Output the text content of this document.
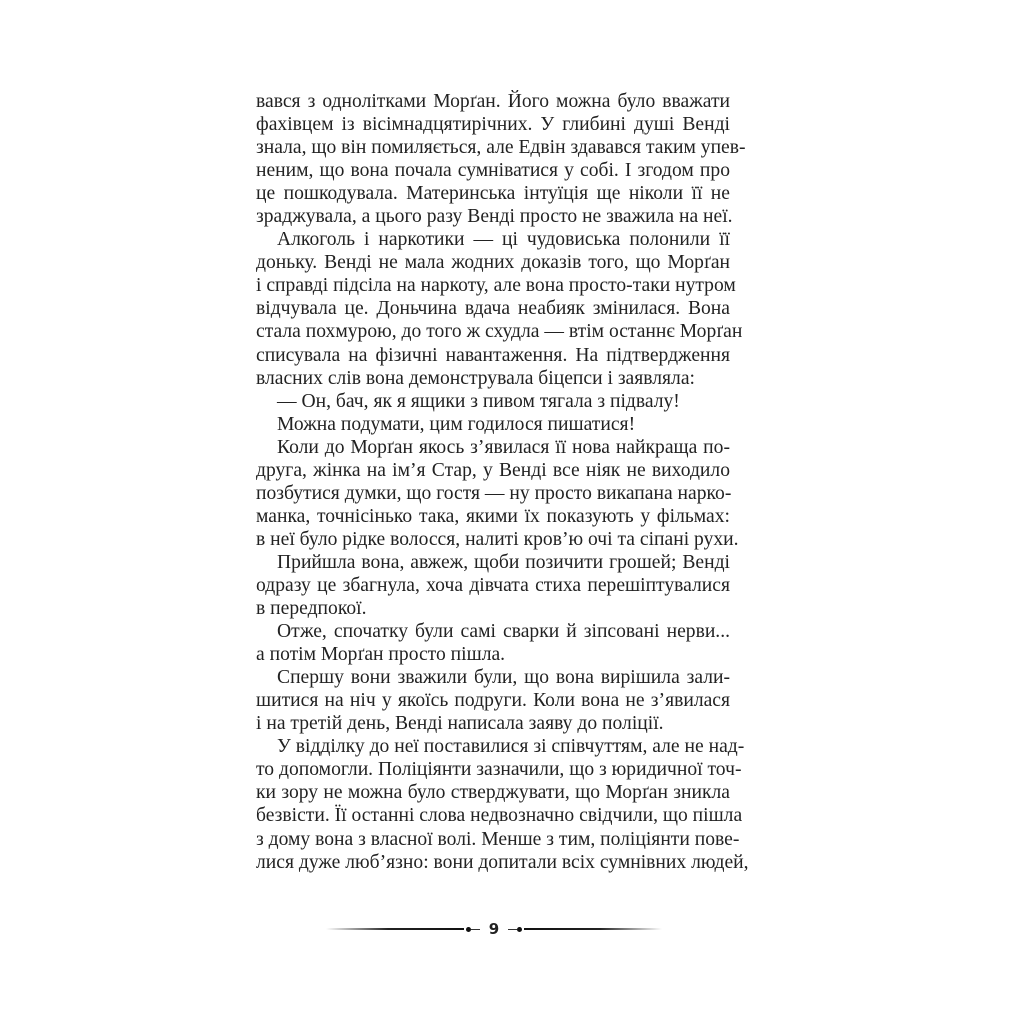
вався з однолітками Морґан. Його можна було вважати
фахівцем із вісімнадцятирічних. У глибині душі Венді
знала, що він помиляється, але Едвін здавався таким упев-
неним, що вона почала сумніватися у собі. І згодом про
це пошкодувала. Материнська інтуїція ще ніколи її не
зраджувала, а цього разу Венді просто не зважила на неї.
Алкоголь і наркотики — ці чудовиська полонили її
доньку. Венді не мала жодних доказів того, що Морґан
і справді підсіла на наркоту, але вона просто-таки нутром
відчувала це. Доньчина вдача неабияк змінилася. Вона
стала похмурою, до того ж схудла — втім останнє Морґан
списувала на фізичні навантаження. На підтвердження
власних слів вона демонструвала біцепси і заявляла:
— Он, бач, як я ящики з пивом тягала з підвалу!
Можна подумати, цим годилося пишатися!
Коли до Морґан якось з’явилася її нова найкраща по-
друга, жінка на ім’я Стар, у Венді все ніяк не виходило
позбутися думки, що гостя — ну просто викапана нарко-
манка, точнісінько така, якими їх показують у фільмах:
в неї було рідке волосся, налиті кров’ю очі та сіпані рухи.
Прийшла вона, авжеж, щоби позичити грошей; Венді
одразу це збагнула, хоча дівчата стиха перешіптувалися
в передпокої.
Отже, спочатку були самі сварки й зіпсовані нерви...
а потім Морґан просто пішла.
Спершу вони зважили були, що вона вирішила зали-
шитися на ніч у якоїсь подруги. Коли вона не з’явилася
і на третій день, Венді написала заяву до поліції.
У відділку до неї поставилися зі співчуттям, але не над-
то допомогли. Поліціянти зазначили, що з юридичної точ-
ки зору не можна було стверджувати, що Морґан зникла
безвісти. Її останні слова недвозначно свідчили, що пішла
з дому вона з власної волі. Менше з тим, поліціянти пове-
лися дуже люб’язно: вони допитали всіх сумнівних людей,
9
